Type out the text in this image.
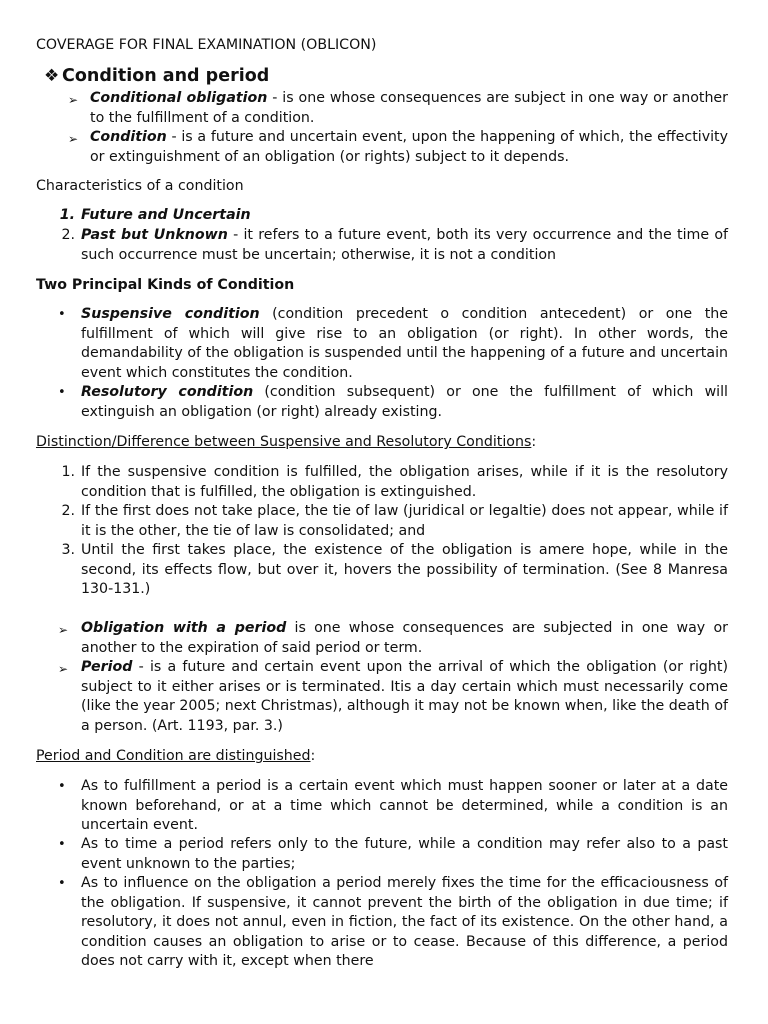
COVERAGE FOR FINAL EXAMINATION (OBLICON)
❖ Condition and period
➢ Conditional obligation - is one whose consequences are subject in one way or another to the fulfillment of a condition.
➢ Condition - is a future and uncertain event, upon the happening of which, the effectivity or extinguishment of an obligation (or rights) subject to it depends.
Characteristics of a condition
1. Future and Uncertain
2. Past but Unknown - it refers to a future event, both its very occurrence and the time of such occurrence must be uncertain; otherwise, it is not a condition
Two Principal Kinds of Condition
• Suspensive condition (condition precedent o condition antecedent) or one the fulfillment of which will give rise to an obligation (or right). In other words, the demandability of the obligation is suspended until the happening of a future and uncertain event which constitutes the condition.
• Resolutory condition (condition subsequent) or one the fulfillment of which will extinguish an obligation (or right) already existing.
Distinction/Difference between Suspensive and Resolutory Conditions:
1. If the suspensive condition is fulfilled, the obligation arises, while if it is the resolutory condition that is fulfilled, the obligation is extinguished.
2. If the first does not take place, the tie of law (juridical or legaltie) does not appear, while if it is the other, the tie of law is consolidated; and
3. Until the first takes place, the existence of the obligation is amere hope, while in the second, its effects flow, but over it, hovers the possibility of termination. (See 8 Manresa 130-131.)
➢ Obligation with a period is one whose consequences are subjected in one way or another to the expiration of said period or term.
➢ Period - is a future and certain event upon the arrival of which the obligation (or right) subject to it either arises or is terminated. Itis a day certain which must necessarily come (like the year 2005; next Christmas), although it may not be known when, like the death of a person. (Art. 1193, par. 3.)
Period and Condition are distinguished:
• As to fulfillment a period is a certain event which must happen sooner or later at a date known beforehand, or at a time which cannot be determined, while a condition is an uncertain event.
• As to time a period refers only to the future, while a condition may refer also to a past event unknown to the parties;
• As to influence on the obligation a period merely fixes the time for the efficaciousness of the obligation. If suspensive, it cannot prevent the birth of the obligation in due time; if resolutory, it does not annul, even in fiction, the fact of its existence. On the other hand, a condition causes an obligation to arise or to cease. Because of this difference, a period does not carry with it, except when there
